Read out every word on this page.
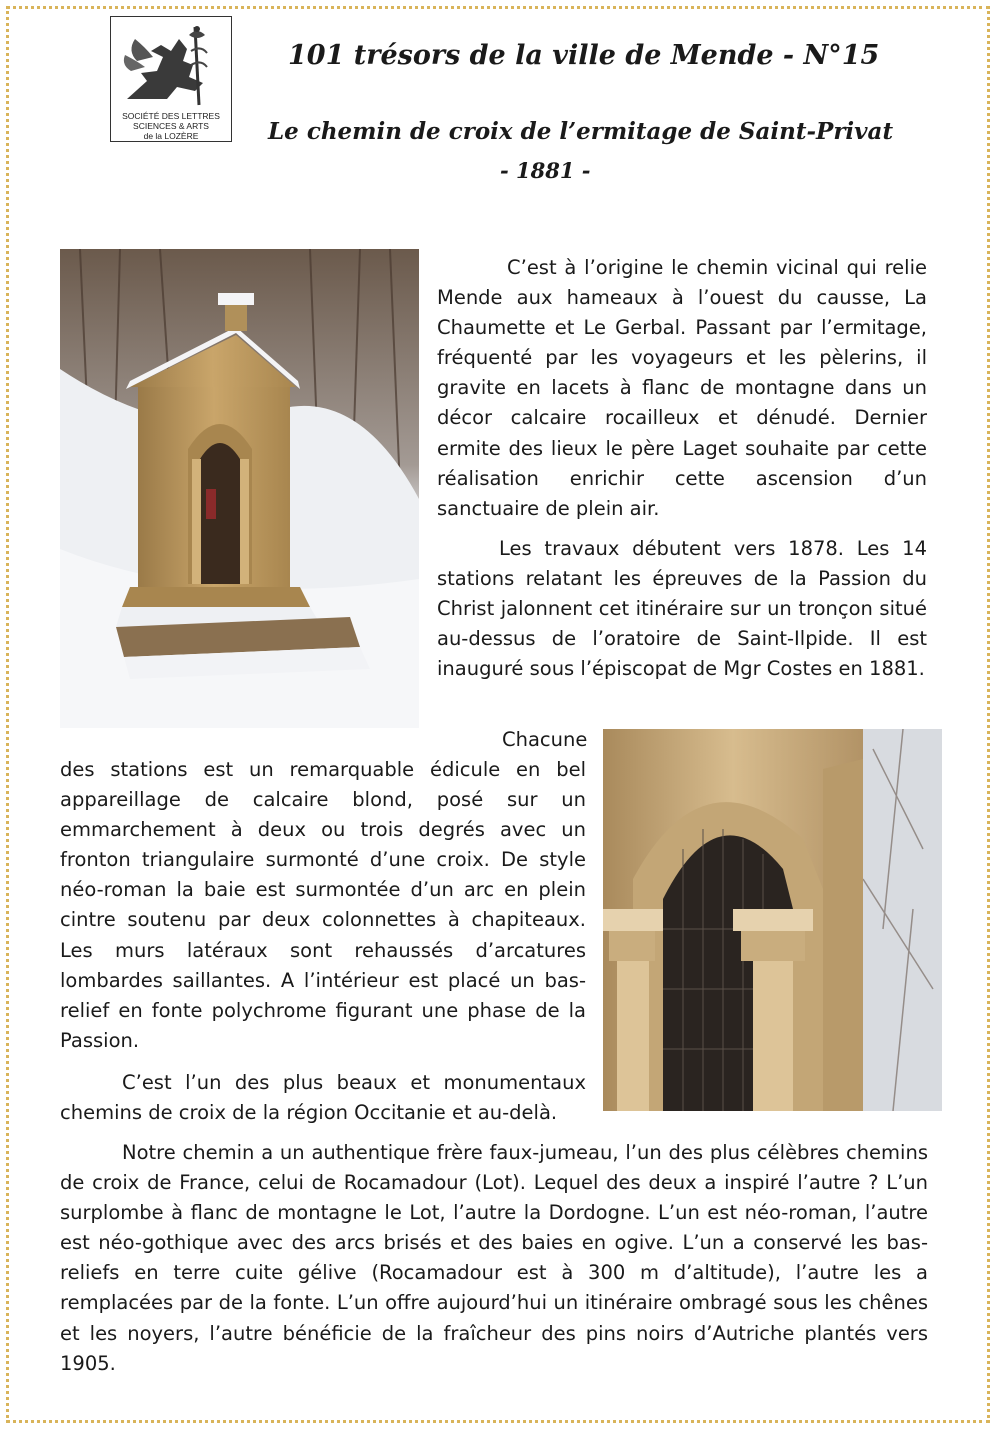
SOCIÉTÉ DES LETTRES
SCIENCES & ARTS
de la LOZÈRE
101 trésors de la ville de Mende - N°15
Le chemin de croix de l’ermitage de Saint-Privat
- 1881 -

C’est à l’origine le chemin vicinal qui relie Mende aux hameaux à l’ouest du causse, La Chaumette et Le Gerbal. Passant par l’ermitage, fréquenté par les voyageurs et les pèlerins, il gravite en lacets à flanc de montagne dans un décor calcaire rocailleux et dénudé. Dernier ermite des lieux le père Laget souhaite par cette réalisation enrichir cette ascension d’un sanctuaire de plein air.

Les travaux débutent vers 1878. Les 14 stations relatant les épreuves de la Passion du Christ jalonnent cet itinéraire sur un tronçon situé au-dessus de l’oratoire de Saint-Ilpide. Il est inauguré sous l’épiscopat de Mgr Costes en 1881.

Chacune

des stations est un remarquable édicule en bel appareillage de calcaire blond, posé sur un emmarchement à deux ou trois degrés avec un fronton triangulaire surmonté d’une croix. De style néo-roman la baie est surmontée d’un arc en plein cintre soutenu par deux colonnettes à chapiteaux. Les murs latéraux sont rehaussés d’arcatures lombardes saillantes. A l’intérieur est placé un bas-relief en fonte polychrome figurant une phase de la Passion.

C’est l’un des plus beaux et monumentaux chemins de croix de la région Occitanie et au-delà.

Notre chemin a un authentique frère faux-jumeau, l’un des plus célèbres chemins de croix de France, celui de Rocamadour (Lot). Lequel des deux a inspiré l’autre ? L’un surplombe à flanc de montagne le Lot, l’autre la Dordogne. L’un est néo-roman, l’autre est néo-gothique avec des arcs brisés et des baies en ogive. L’un a conservé les bas-reliefs en terre cuite gélive (Rocamadour est à 300 m d’altitude), l’autre les a remplacées par de la fonte. L’un offre aujourd’hui un itinéraire ombragé sous les chênes et les noyers, l’autre bénéficie de la fraîcheur des pins noirs d’Autriche plantés vers 1905.
